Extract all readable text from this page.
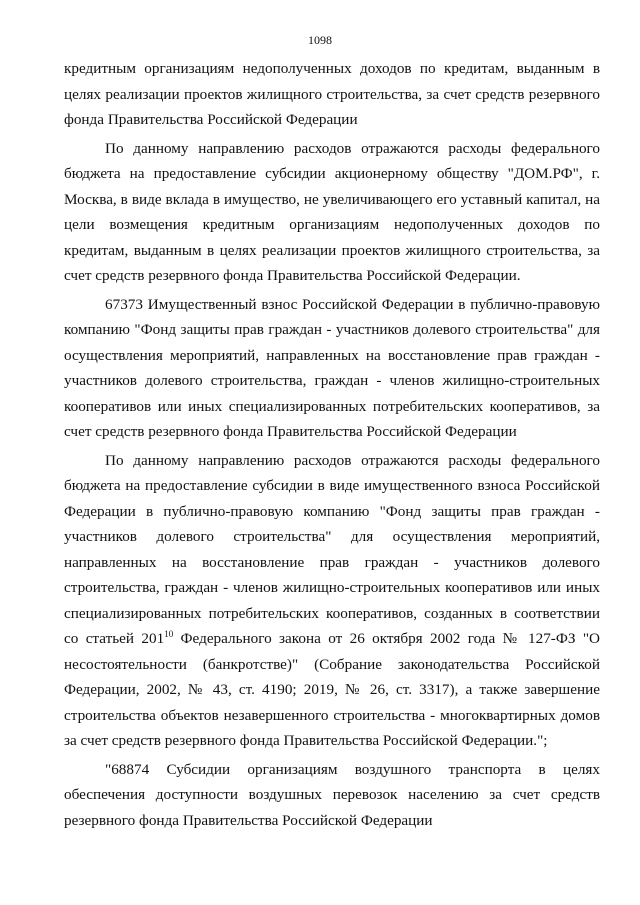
1098

кредитным организациям недополученных доходов по кредитам, выданным в целях реализации проектов жилищного строительства, за счет средств резервного фонда Правительства Российской Федерации

По данному направлению расходов отражаются расходы федерального бюджета на предоставление субсидии акционерному обществу "ДОМ.РФ", г. Москва, в виде вклада в имущество, не увеличивающего его уставный капитал, на цели возмещения кредитным организациям недополученных доходов по кредитам, выданным в целях реализации проектов жилищного строительства, за счет средств резервного фонда Правительства Российской Федерации.

67373 Имущественный взнос Российской Федерации в публично-правовую компанию "Фонд защиты прав граждан - участников долевого строительства" для осуществления мероприятий, направленных на восстановление прав граждан - участников долевого строительства, граждан - членов жилищно-строительных кооперативов или иных специализированных потребительских кооперативов, за счет средств резервного фонда Правительства Российской Федерации

По данному направлению расходов отражаются расходы федерального бюджета на предоставление субсидии в виде имущественного взноса Российской Федерации в публично-правовую компанию "Фонд защиты прав граждан - участников долевого строительства" для осуществления мероприятий, направленных на восстановление прав граждан - участников долевого строительства, граждан - членов жилищно-строительных кооперативов или иных специализированных потребительских кооперативов, созданных в соответствии со статьей $201^{10}$ Федерального закона от 26 октября 2002 года № 127-ФЗ "О несостоятельности (банкротстве)" (Собрание законодательства Российской Федерации, 2002, № 43, ст. 4190; 2019, № 26, ст. 3317), а также завершение строительства объектов незавершенного строительства - многоквартирных домов за счет средств резервного фонда Правительства Российской Федерации.";

"68874 Субсидии организациям воздушного транспорта в целях обеспечения доступности воздушных перевозок населению за счет средств резервного фонда Правительства Российской Федерации
